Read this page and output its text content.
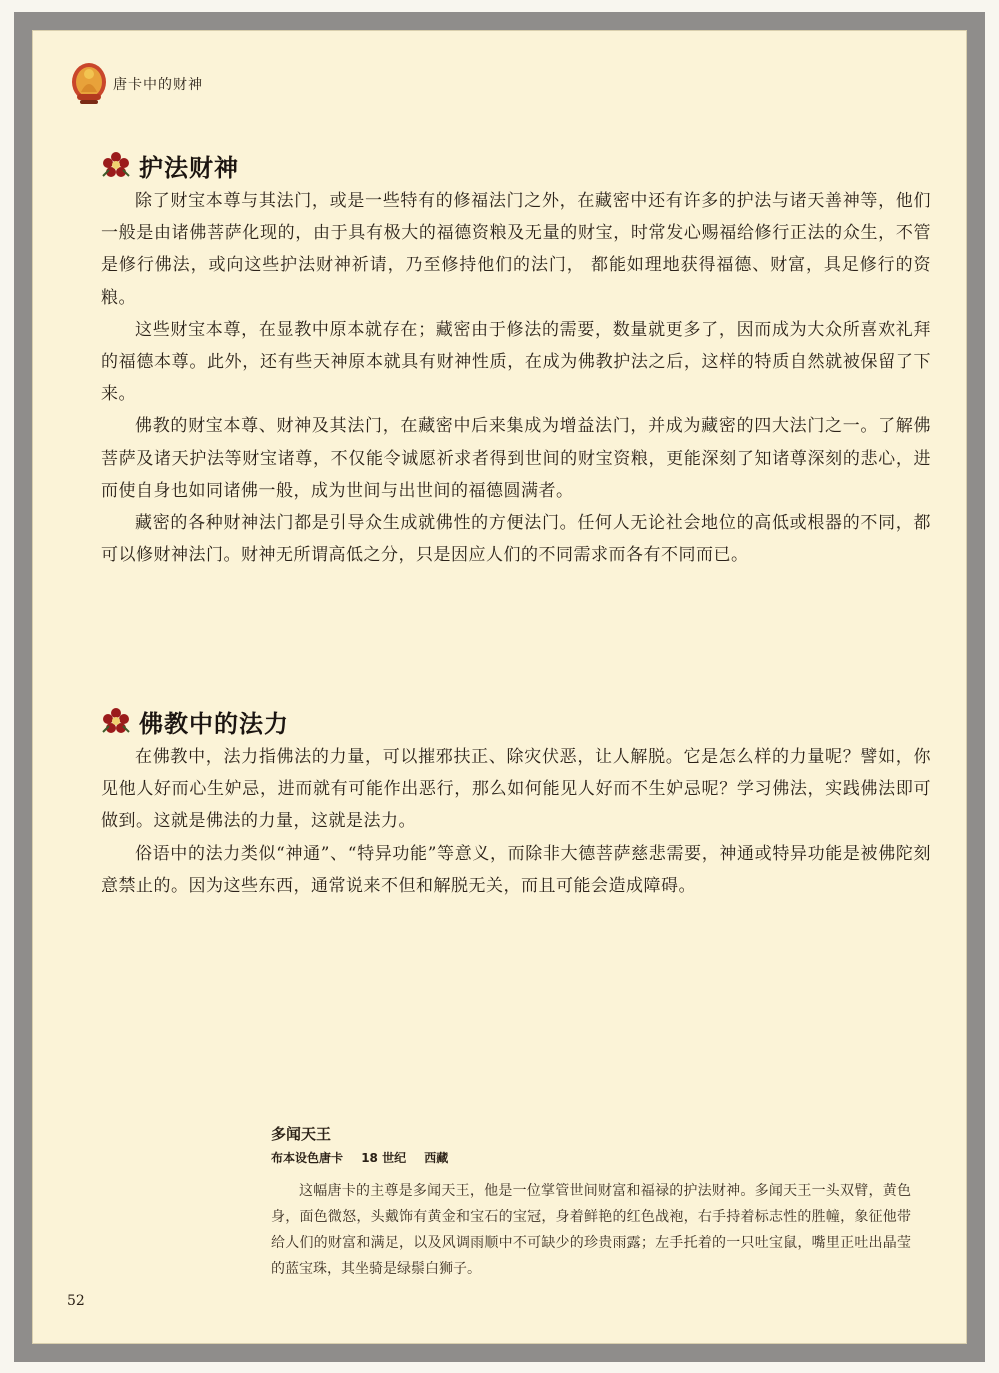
唐卡中的财神
护法财神

除了财宝本尊与其法门，或是一些特有的修福法门之外，在藏密中还有许多的护法与诸天善神等，他们一般是由诸佛菩萨化现的，由于具有极大的福德资粮及无量的财宝，时常发心赐福给修行正法的众生，不管是修行佛法，或向这些护法财神祈请，乃至修持他们的法门， 都能如理地获得福德、财富，具足修行的资粮。

这些财宝本尊，在显教中原本就存在；藏密由于修法的需要，数量就更多了，因而成为大众所喜欢礼拜的福德本尊。此外，还有些天神原本就具有财神性质，在成为佛教护法之后，这样的特质自然就被保留了下来。

佛教的财宝本尊、财神及其法门，在藏密中后来集成为增益法门，并成为藏密的四大法门之一。了解佛菩萨及诸天护法等财宝诸尊，不仅能令诚愿祈求者得到世间的财宝资粮，更能深刻了知诸尊深刻的悲心，进而使自身也如同诸佛一般，成为世间与出世间的福德圆满者。

藏密的各种财神法门都是引导众生成就佛性的方便法门。任何人无论社会地位的高低或根器的不同，都可以修财神法门。财神无所谓高低之分，只是因应人们的不同需求而各有不同而已。

佛教中的法力

在佛教中，法力指佛法的力量，可以摧邪扶正、除灾伏恶，让人解脱。它是怎么样的力量呢？譬如，你见他人好而心生妒忌，进而就有可能作出恶行，那么如何能见人好而不生妒忌呢？学习佛法，实践佛法即可做到。这就是佛法的力量，这就是法力。

俗语中的法力类似“神通”、“特异功能”等意义，而除非大德菩萨慈悲需要，神通或特异功能是被佛陀刻意禁止的。因为这些东西，通常说来不但和解脱无关，而且可能会造成障碍。

多闻天王
布本设色唐卡 18 世纪 西藏

这幅唐卡的主尊是多闻天王，他是一位掌管世间财富和福禄的护法财神。多闻天王一头双臂，黄色身，面色微怒，头戴饰有黄金和宝石的宝冠，身着鲜艳的红色战袍，右手持着标志性的胜幢，象征他带给人们的财富和满足，以及风调雨顺中不可缺少的珍贵雨露；左手托着的一只吐宝鼠，嘴里正吐出晶莹的蓝宝珠，其坐骑是绿鬃白狮子。

52
